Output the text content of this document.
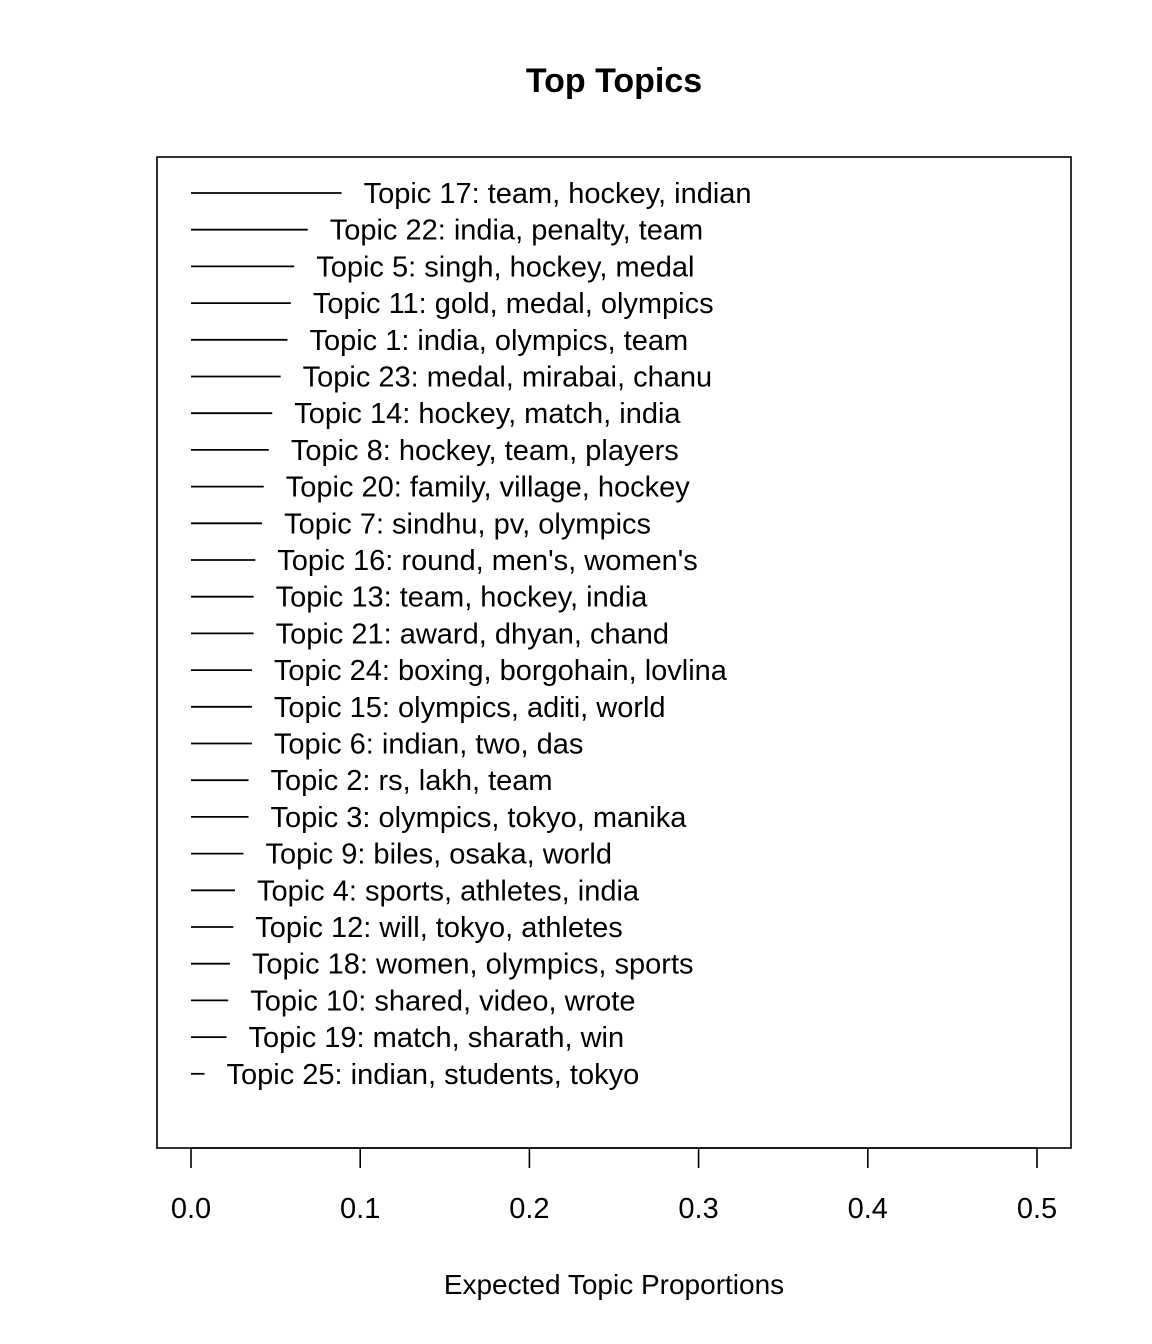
Top Topics
Topic 17: team, hockey, indian
Topic 22: india, penalty, team
Topic 5: singh, hockey, medal
Topic 11: gold, medal, olympics
Topic 1: india, olympics, team
Topic 23: medal, mirabai, chanu
Topic 14: hockey, match, india
Topic 8: hockey, team, players
Topic 20: family, village, hockey
Topic 7: sindhu, pv, olympics
Topic 16: round, men's, women's
Topic 13: team, hockey, india
Topic 21: award, dhyan, chand
Topic 24: boxing, borgohain, lovlina
Topic 15: olympics, aditi, world
Topic 6: indian, two, das
Topic 2: rs, lakh, team
Topic 3: olympics, tokyo, manika
Topic 9: biles, osaka, world
Topic 4: sports, athletes, india
Topic 12: will, tokyo, athletes
Topic 18: women, olympics, sports
Topic 10: shared, video, wrote
Topic 19: match, sharath, win
Topic 25: indian, students, tokyo
0.0	0.1	0.2	0.3	0.4	0.5
Expected Topic Proportions
